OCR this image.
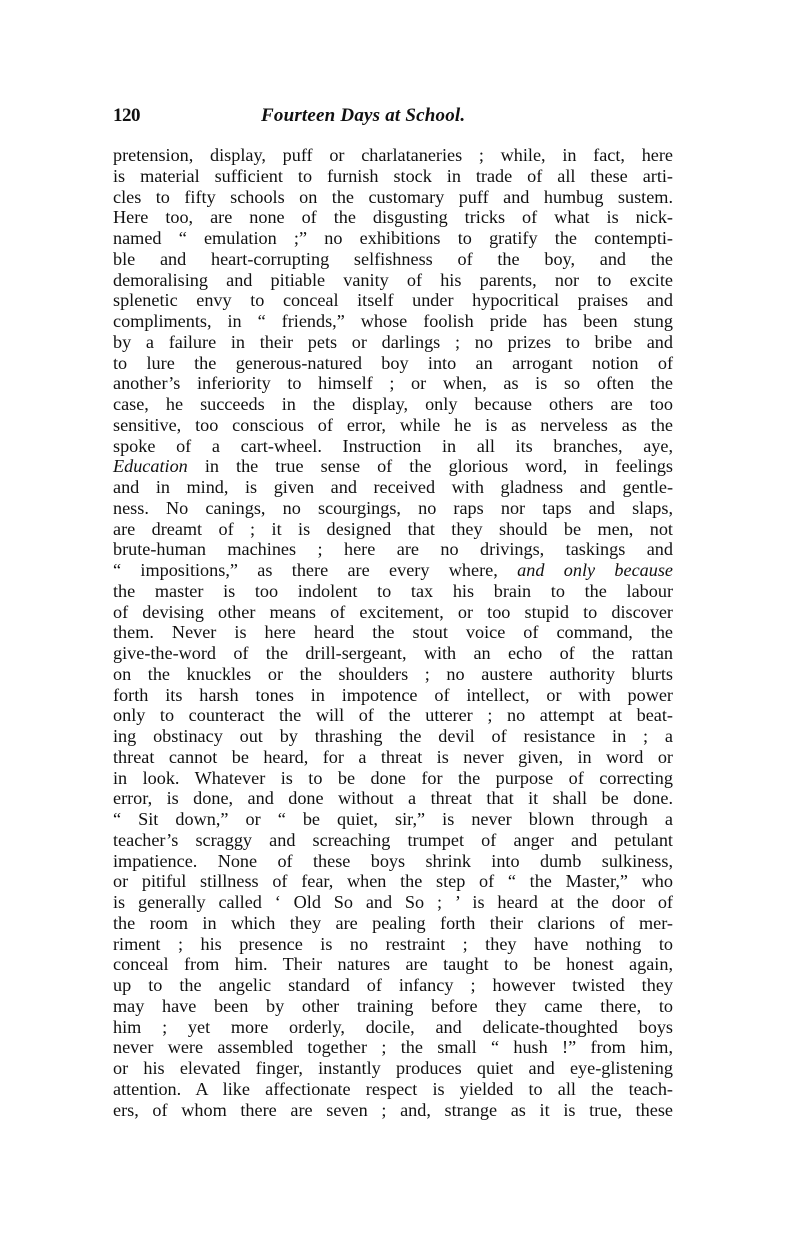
120	Fourteen Days at School.
pretension, display, puff or charlataneries ; while, in fact, here
is material sufficient to furnish stock in trade of all these arti-
cles to fifty schools on the customary puff and humbug sustem.
Here too, are none of the disgusting tricks of what is nick-
named “ emulation ;” no exhibitions to gratify the contempti-
ble and heart-corrupting selfishness of the boy, and the
demoralising and pitiable vanity of his parents, nor to excite
splenetic envy to conceal itself under hypocritical praises and
compliments, in “ friends,” whose foolish pride has been stung
by a failure in their pets or darlings ; no prizes to bribe and
to lure the generous-natured boy into an arrogant notion of
another’s inferiority to himself ; or when, as is so often the
case, he succeeds in the display, only because others are too
sensitive, too conscious of error, while he is as nerveless as the
spoke of a cart-wheel. Instruction in all its branches, aye,
Education in the true sense of the glorious word, in feelings
and in mind, is given and received with gladness and gentle-
ness. No canings, no scourgings, no raps nor taps and slaps,
are dreamt of ; it is designed that they should be men, not
brute-human machines ; here are no drivings, taskings and
“ impositions,” as there are every where, and only because
the master is too indolent to tax his brain to the labour
of devising other means of excitement, or too stupid to discover
them. Never is here heard the stout voice of command, the
give-the-word of the drill-sergeant, with an echo of the rattan
on the knuckles or the shoulders ; no austere authority blurts
forth its harsh tones in impotence of intellect, or with power
only to counteract the will of the utterer ; no attempt at beat-
ing obstinacy out by thrashing the devil of resistance in ; a
threat cannot be heard, for a threat is never given, in word or
in look. Whatever is to be done for the purpose of correcting
error, is done, and done without a threat that it shall be done.
“ Sit down,” or “ be quiet, sir,” is never blown through a
teacher’s scraggy and screaching trumpet of anger and petulant
impatience. None of these boys shrink into dumb sulkiness,
or pitiful stillness of fear, when the step of “ the Master,” who
is generally called ‘ Old So and So ; ’ is heard at the door of
the room in which they are pealing forth their clarions of mer-
riment ; his presence is no restraint ; they have nothing to
conceal from him. Their natures are taught to be honest again,
up to the angelic standard of infancy ; however twisted they
may have been by other training before they came there, to
him ; yet more orderly, docile, and delicate-thoughted boys
never were assembled together ; the small “ hush !” from him,
or his elevated finger, instantly produces quiet and eye-glistening
attention. A like affectionate respect is yielded to all the teach-
ers, of whom there are seven ; and, strange as it is true, these
